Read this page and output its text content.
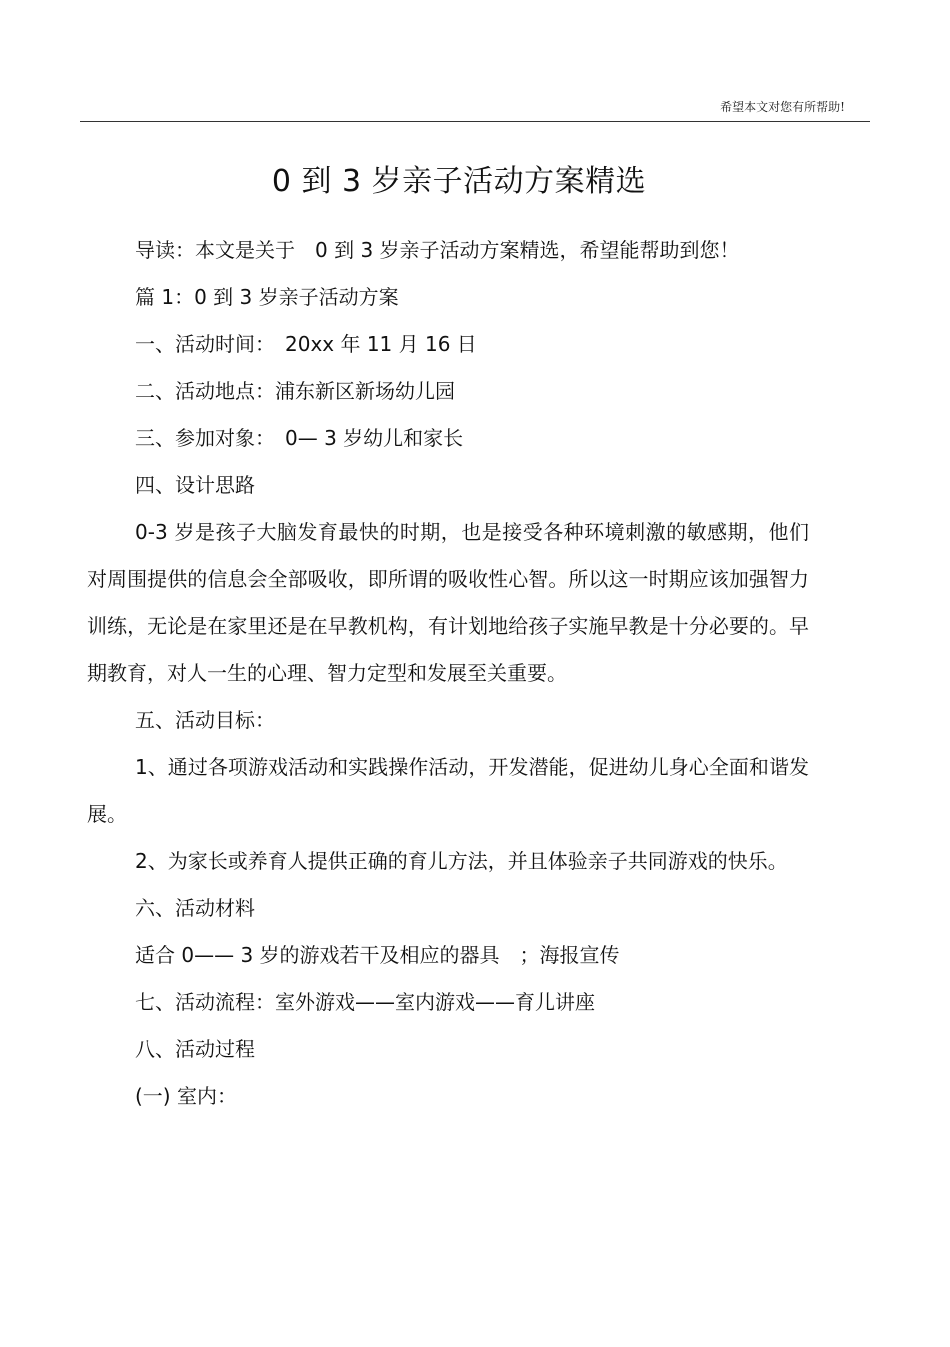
希望本文对您有所帮助!
0 到 3 岁亲子活动方案精选

导读：本文是关于　0 到 3 岁亲子活动方案精选，希望能帮助到您！

篇 1：0 到 3 岁亲子活动方案

一、活动时间：　20xx 年 11 月 16 日

二、活动地点：浦东新区新场幼儿园

三、参加对象：　0— 3 岁幼儿和家长

四、设计思路

0-3 岁是孩子大脑发育最快的时期，也是接受各种环境刺激的敏感期，他们对周围提供的信息会全部吸收，即所谓的吸收性心智。所以这一时期应该加强智力训练，无论是在家里还是在早教机构，有计划地给孩子实施早教是十分必要的。早期教育，对人一生的心理、智力定型和发展至关重要。

五、活动目标：

1、通过各项游戏活动和实践操作活动，开发潜能，促进幼儿身心全面和谐发展。

2、为家长或养育人提供正确的育儿方法，并且体验亲子共同游戏的快乐。

六、活动材料

适合 0—— 3 岁的游戏若干及相应的器具　；海报宣传

七、活动流程：室外游戏——室内游戏——育儿讲座

八、活动过程

(一) 室内：
